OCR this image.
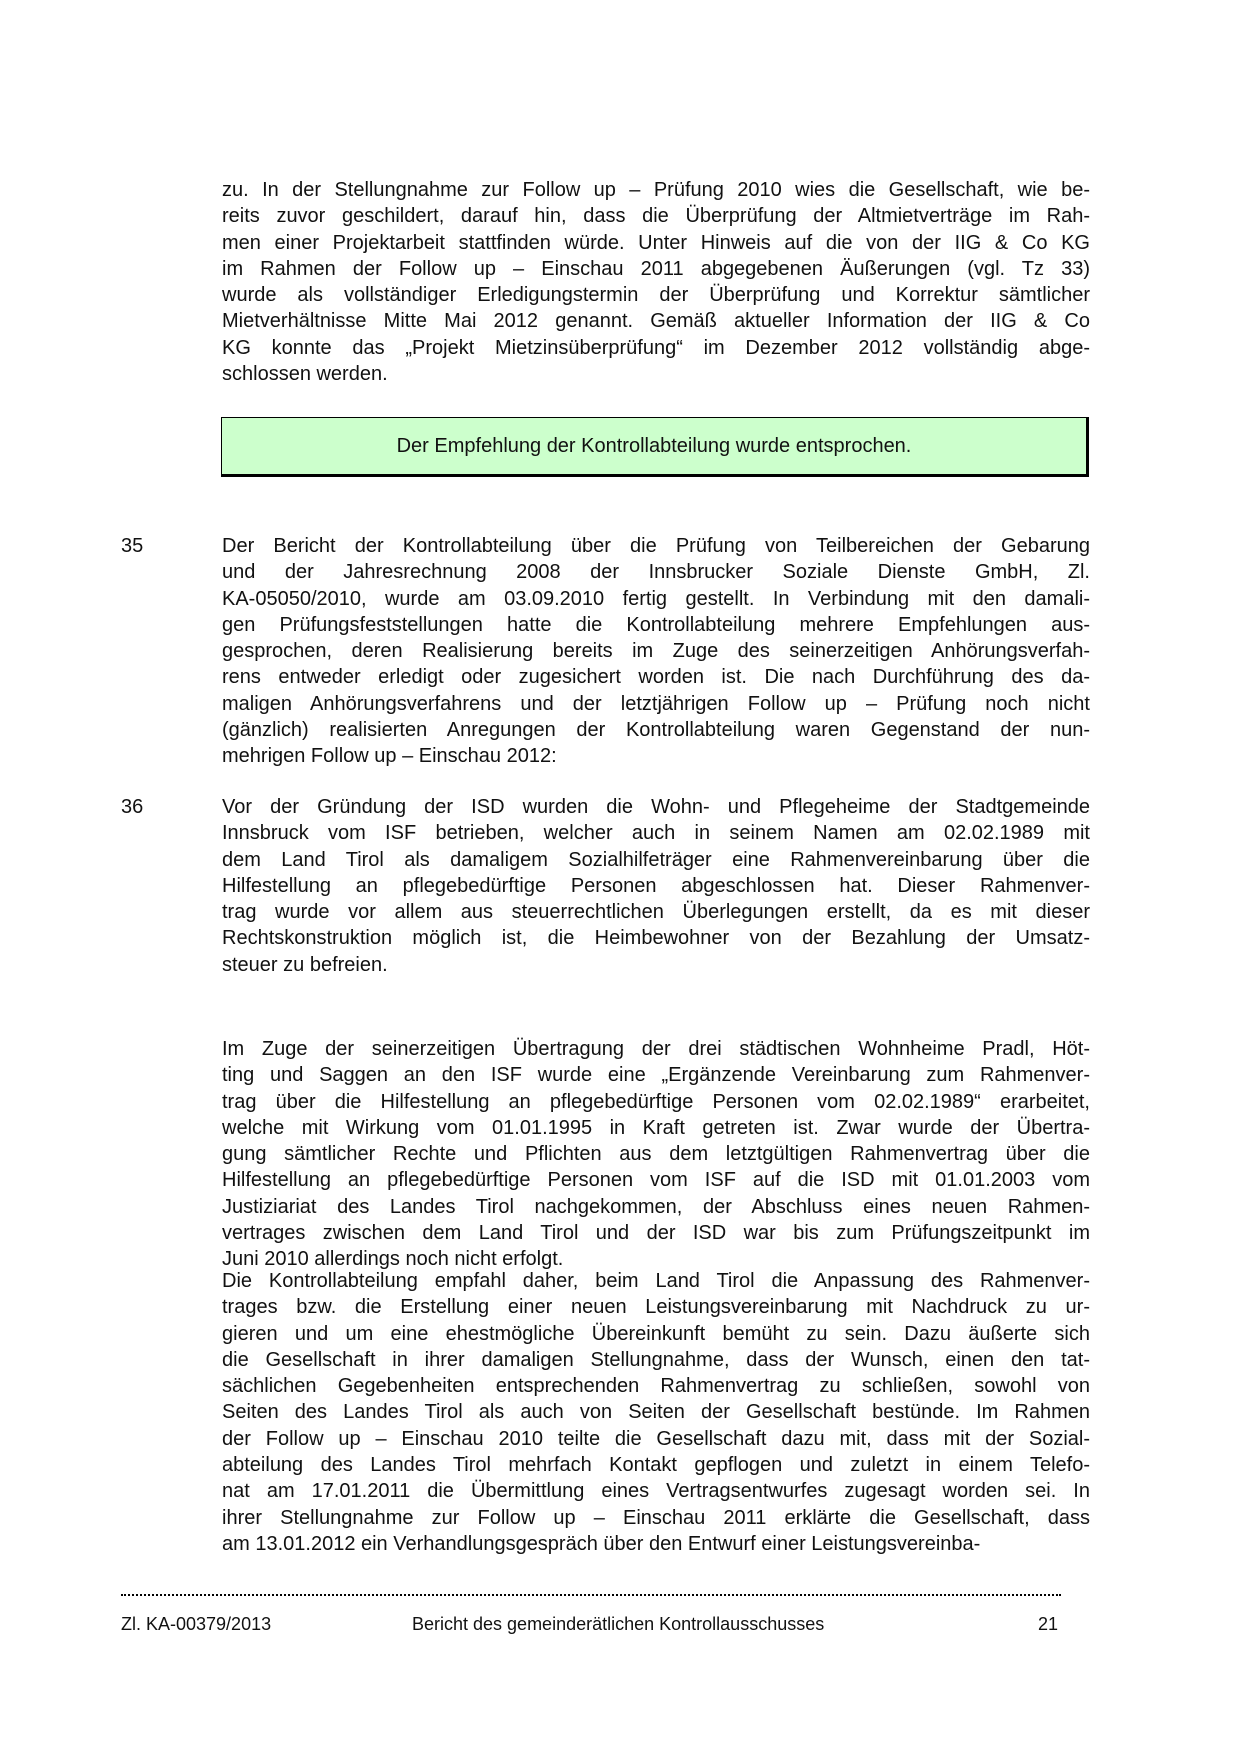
zu. In der Stellungnahme zur Follow up – Prüfung 2010 wies die Gesellschaft, wie be-
reits zuvor geschildert, darauf hin, dass die Überprüfung der Altmietverträge im Rah-
men einer Projektarbeit stattfinden würde. Unter Hinweis auf die von der IIG & Co KG
im Rahmen der Follow up – Einschau 2011 abgegebenen Äußerungen (vgl. Tz 33)
wurde als vollständiger Erledigungstermin der Überprüfung und Korrektur sämtlicher
Mietverhältnisse Mitte Mai 2012 genannt. Gemäß aktueller Information der IIG & Co
KG konnte das „Projekt Mietzinsüberprüfung“ im Dezember 2012 vollständig abge-
schlossen werden.
Der Empfehlung der Kontrollabteilung wurde entsprochen.
35	Der Bericht der Kontrollabteilung über die Prüfung von Teilbereichen der Gebarung
und der Jahresrechnung 2008 der Innsbrucker Soziale Dienste GmbH, Zl.
KA-05050/2010, wurde am 03.09.2010 fertig gestellt. In Verbindung mit den damali-
gen Prüfungsfeststellungen hatte die Kontrollabteilung mehrere Empfehlungen aus-
gesprochen, deren Realisierung bereits im Zuge des seinerzeitigen Anhörungsverfah-
rens entweder erledigt oder zugesichert worden ist. Die nach Durchführung des da-
maligen Anhörungsverfahrens und der letztjährigen Follow up – Prüfung noch nicht
(gänzlich) realisierten Anregungen der Kontrollabteilung waren Gegenstand der nun-
mehrigen Follow up – Einschau 2012:
36	Vor der Gründung der ISD wurden die Wohn- und Pflegeheime der Stadtgemeinde
Innsbruck vom ISF betrieben, welcher auch in seinem Namen am 02.02.1989 mit
dem Land Tirol als damaligem Sozialhilfeträger eine Rahmenvereinbarung über die
Hilfestellung an pflegebedürftige Personen abgeschlossen hat. Dieser Rahmenver-
trag wurde vor allem aus steuerrechtlichen Überlegungen erstellt, da es mit dieser
Rechtskonstruktion möglich ist, die Heimbewohner von der Bezahlung der Umsatz-
steuer zu befreien.
Im Zuge der seinerzeitigen Übertragung der drei städtischen Wohnheime Pradl, Höt-
ting und Saggen an den ISF wurde eine „Ergänzende Vereinbarung zum Rahmenver-
trag über die Hilfestellung an pflegebedürftige Personen vom 02.02.1989“ erarbeitet,
welche mit Wirkung vom 01.01.1995 in Kraft getreten ist. Zwar wurde der Übertra-
gung sämtlicher Rechte und Pflichten aus dem letztgültigen Rahmenvertrag über die
Hilfestellung an pflegebedürftige Personen vom ISF auf die ISD mit 01.01.2003 vom
Justiziariat des Landes Tirol nachgekommen, der Abschluss eines neuen Rahmen-
vertrages zwischen dem Land Tirol und der ISD war bis zum Prüfungszeitpunkt im
Juni 2010 allerdings noch nicht erfolgt.
Die Kontrollabteilung empfahl daher, beim Land Tirol die Anpassung des Rahmenver-
trages bzw. die Erstellung einer neuen Leistungsvereinbarung mit Nachdruck zu ur-
gieren und um eine ehestmögliche Übereinkunft bemüht zu sein. Dazu äußerte sich
die Gesellschaft in ihrer damaligen Stellungnahme, dass der Wunsch, einen den tat-
sächlichen Gegebenheiten entsprechenden Rahmenvertrag zu schließen, sowohl von
Seiten des Landes Tirol als auch von Seiten der Gesellschaft bestünde. Im Rahmen
der Follow up – Einschau 2010 teilte die Gesellschaft dazu mit, dass mit der Sozial-
abteilung des Landes Tirol mehrfach Kontakt gepflogen und zuletzt in einem Telefo-
nat am 17.01.2011 die Übermittlung eines Vertragsentwurfes zugesagt worden sei. In
ihrer Stellungnahme zur Follow up – Einschau 2011 erklärte die Gesellschaft, dass
am 13.01.2012 ein Verhandlungsgespräch über den Entwurf einer Leistungsvereinba-
Zl. KA-00379/2013	Bericht des gemeinderätlichen Kontrollausschusses	21
